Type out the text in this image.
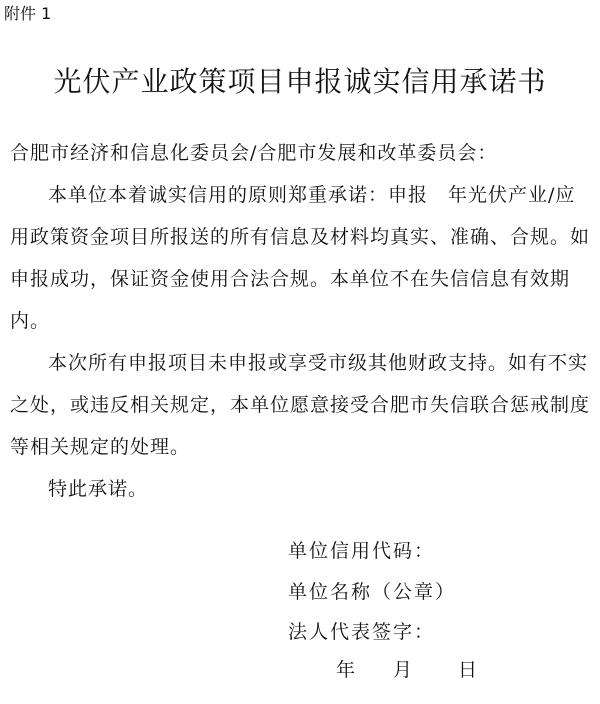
附件 1
光伏产业政策项目申报诚实信用承诺书

合肥市经济和信息化委员会/合肥市发展和改革委员会：

本单位本着诚实信用的原则郑重承诺：申报　年光伏产业/应用政策资金项目所报送的所有信息及材料均真实、准确、合规。如申报成功，保证资金使用合法合规。本单位不在失信信息有效期内。

本次所有申报项目未申报或享受市级其他财政支持。如有不实之处，或违反相关规定，本单位愿意接受合肥市失信联合惩戒制度等相关规定的处理。

特此承诺。

单位信用代码：
单位名称（公章）
法人代表签字：
年 月 日
